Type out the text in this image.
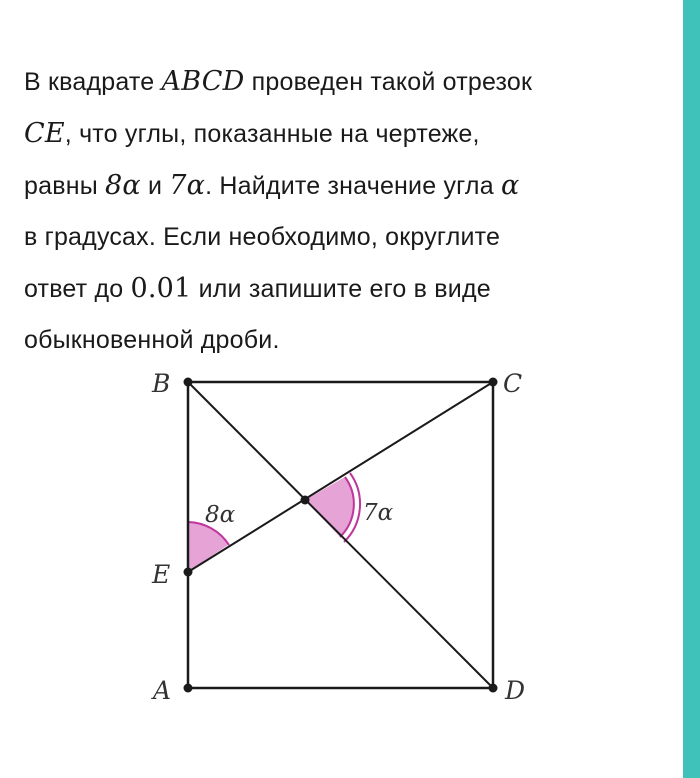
В квадрате ABCD проведен такой отрезок
CE, что углы, показанные на чертеже,
равны 8α и 7α. Найдите значение угла α
в градусах. Если необходимо, округлите
ответ до 0.01 или запишите его в виде
обыкновенной дроби.
B	C
D
A
E
8α	7α
